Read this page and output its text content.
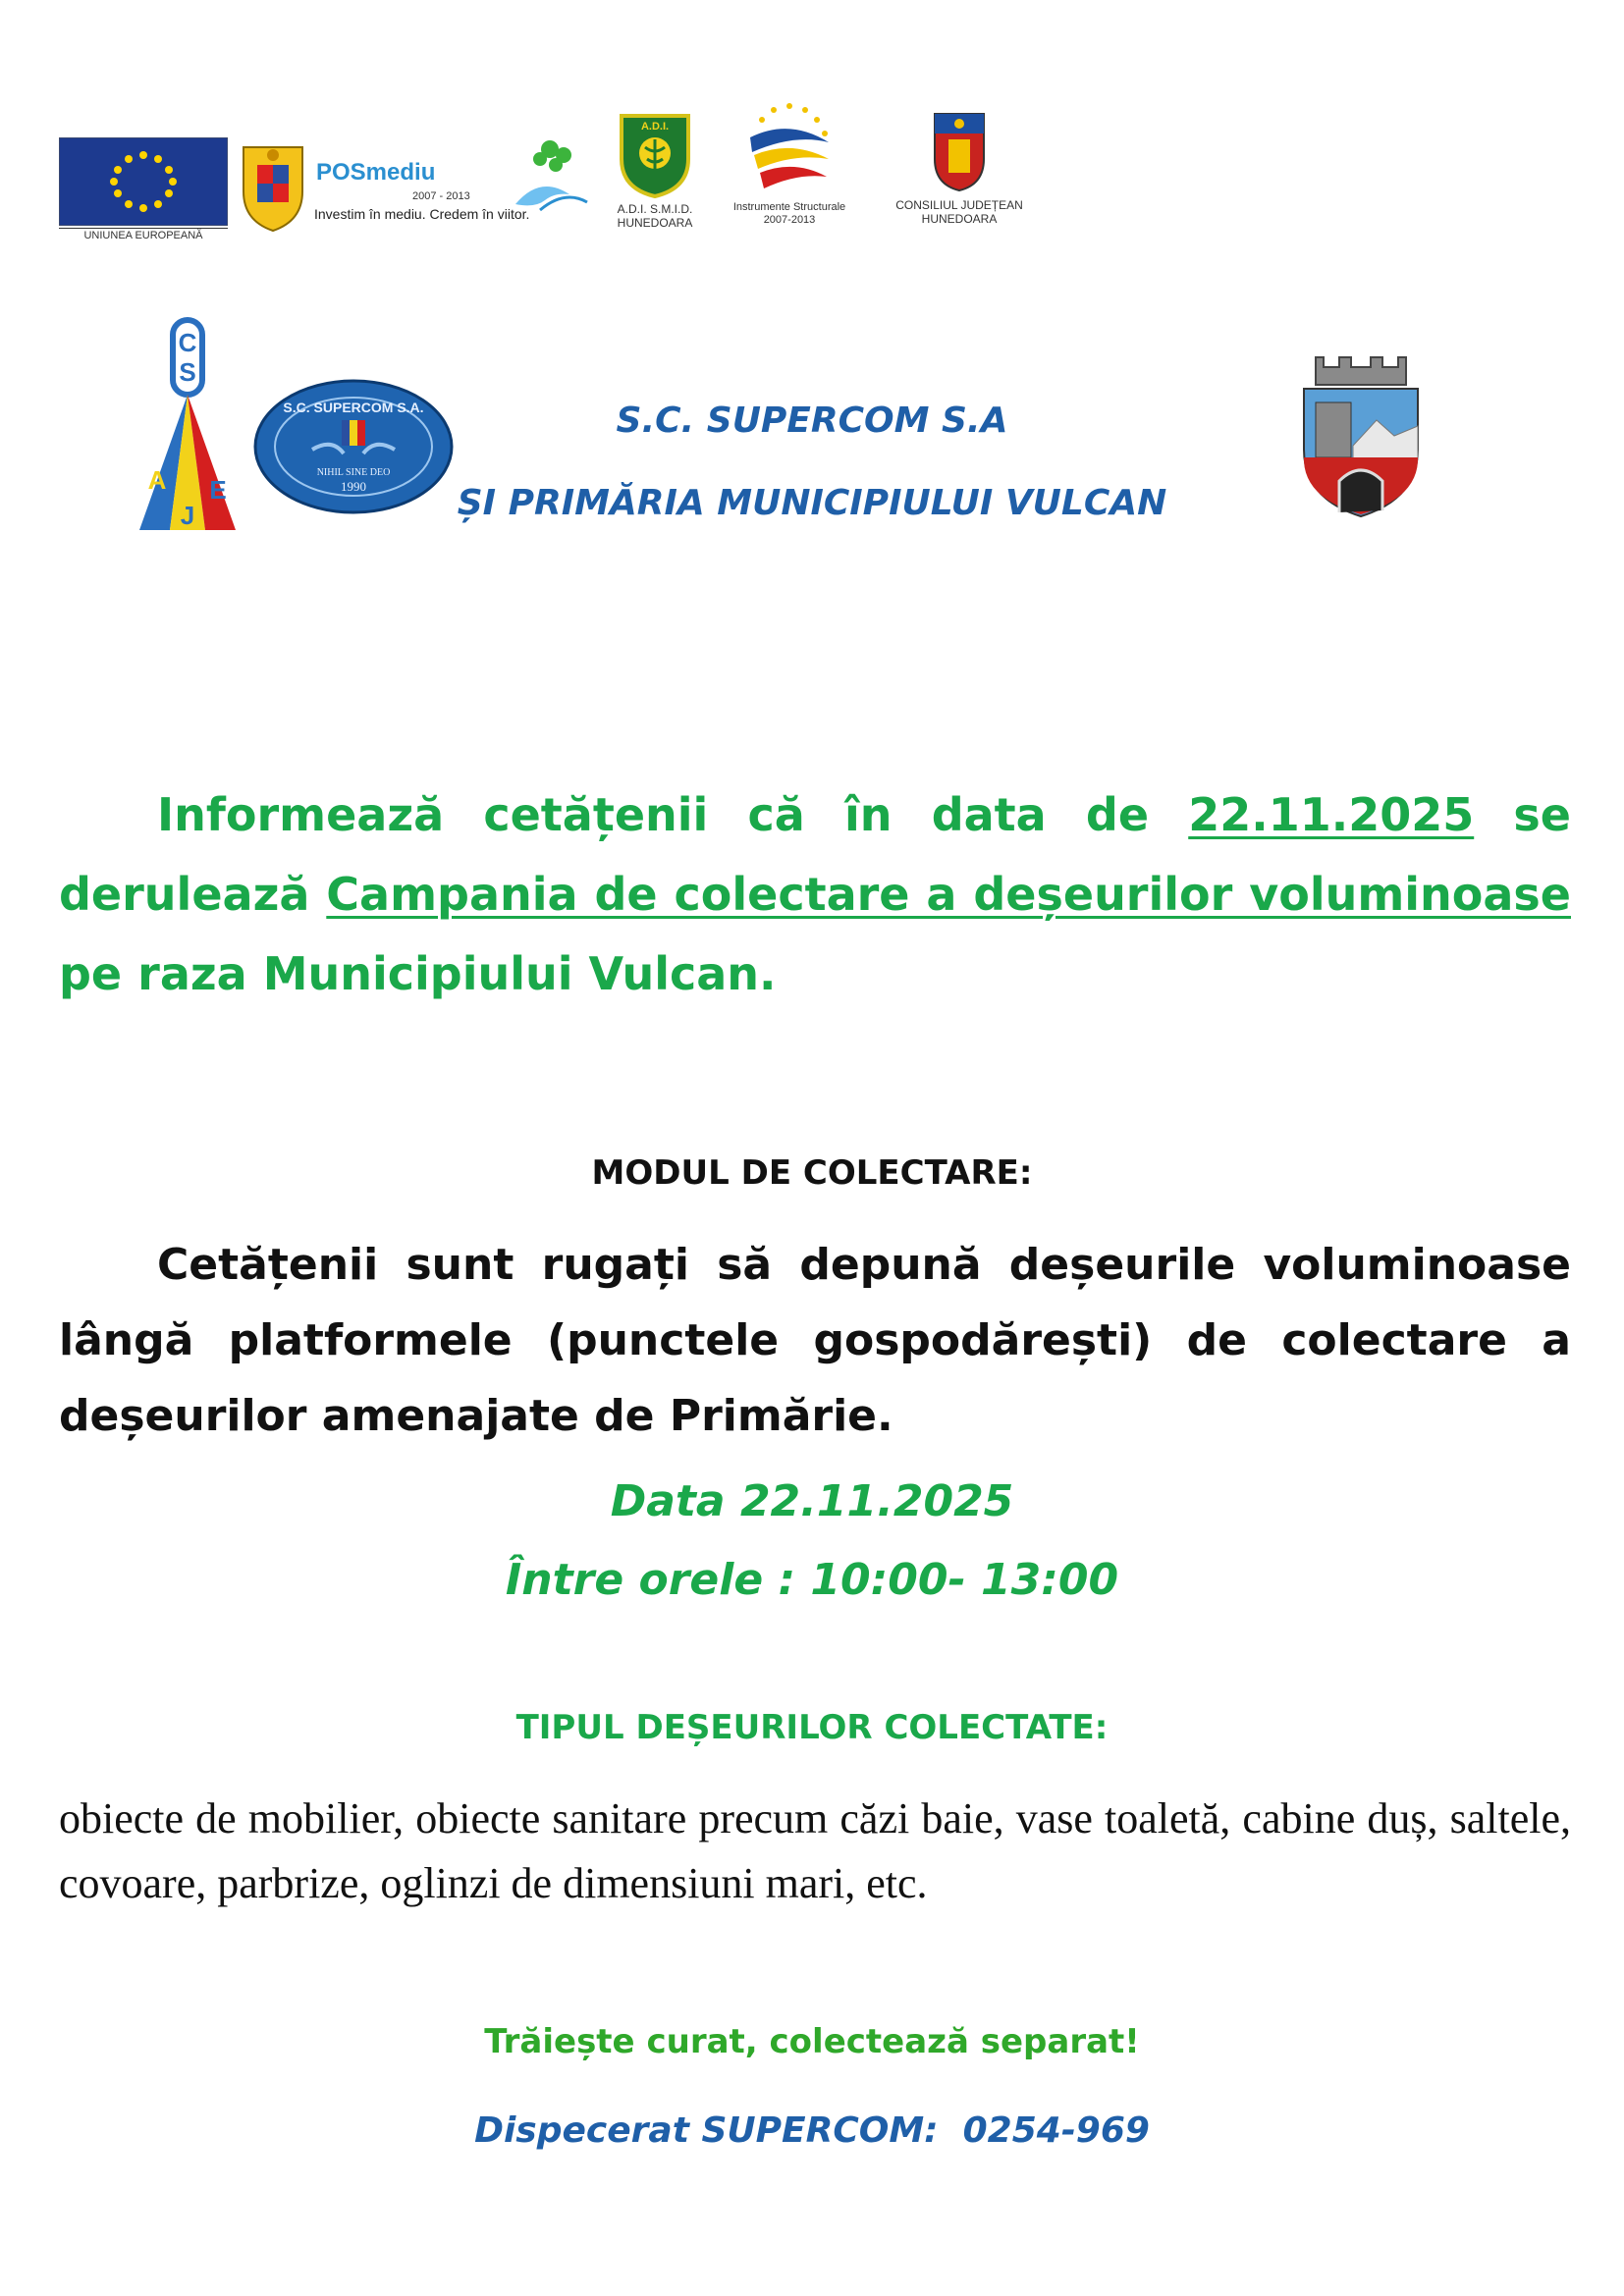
UNIUNEA EUROPEANĂ
POSmediu
2007 - 2013
Investim în mediu. Credem în viitor.
A.D.I.
A.D.I. S.M.I.D.
HUNEDOARA
Instrumente Structurale
2007-2013
CONSILIUL JUDEȚEAN
HUNEDOARA
C
S
A
J
E
S.C. SUPERCOM S.A.
NIHIL SINE DEO
1990
S.C. SUPERCOM S.A
ȘI PRIMĂRIA MUNICIPIULUI VULCAN
Informează cetățenii că în data de 22.11.2025 se derulează Campania de colectare a deșeurilor voluminoase pe raza Municipiului Vulcan.
MODUL DE COLECTARE:
Cetățenii sunt rugați să depună deșeurile voluminoase lângă platformele (punctele gospodărești) de colectare a deșeurilor amenajate de Primărie.
Data 22.11.2025
Între orele : 10:00- 13:00
TIPUL DEȘEURILOR COLECTATE:
obiecte de mobilier, obiecte sanitare precum căzi baie, vase toaletă, cabine duș, saltele, covoare, parbrize, oglinzi de dimensiuni mari, etc.
Trăiește curat, colectează separat!
Dispecerat SUPERCOM:  0254-969
